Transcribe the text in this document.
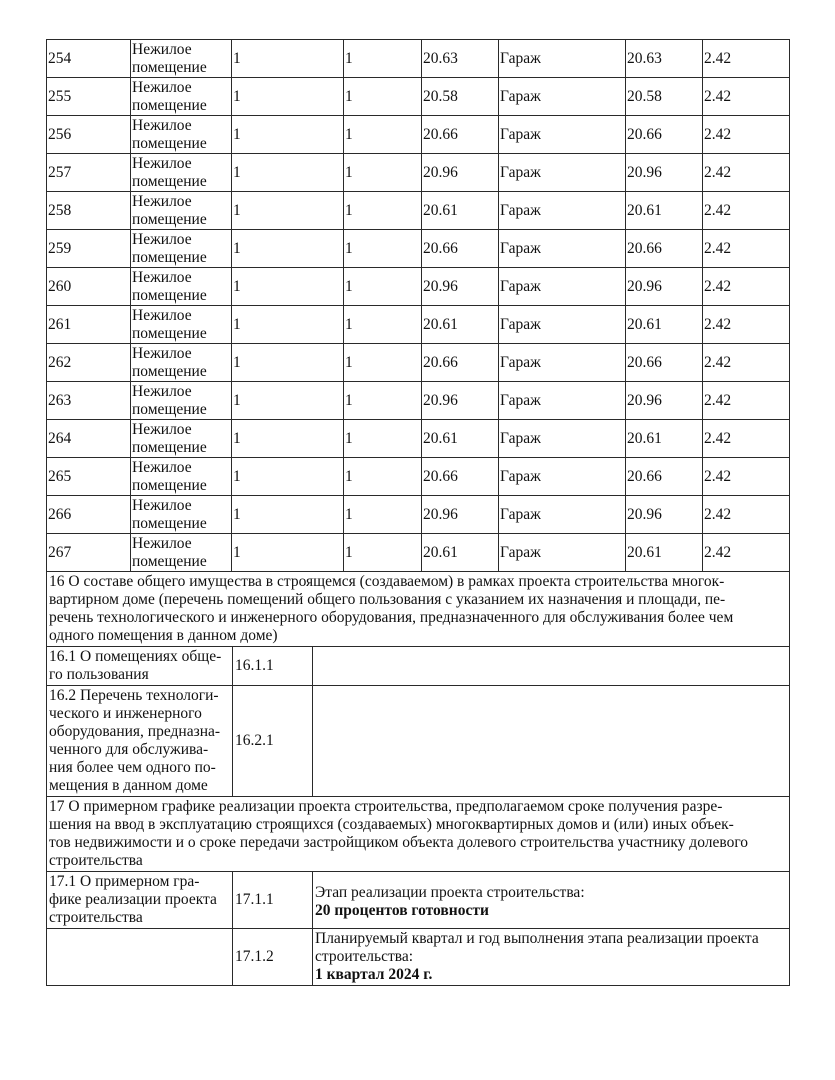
254	Нежилое
помещение	1	1	20.63	Гараж	20.63	2.42
255	Нежилое
помещение	1	1	20.58	Гараж	20.58	2.42
256	Нежилое
помещение	1	1	20.66	Гараж	20.66	2.42
257	Нежилое
помещение	1	1	20.96	Гараж	20.96	2.42
258	Нежилое
помещение	1	1	20.61	Гараж	20.61	2.42
259	Нежилое
помещение	1	1	20.66	Гараж	20.66	2.42
260	Нежилое
помещение	1	1	20.96	Гараж	20.96	2.42
261	Нежилое
помещение	1	1	20.61	Гараж	20.61	2.42
262	Нежилое
помещение	1	1	20.66	Гараж	20.66	2.42
263	Нежилое
помещение	1	1	20.96	Гараж	20.96	2.42
264	Нежилое
помещение	1	1	20.61	Гараж	20.61	2.42
265	Нежилое
помещение	1	1	20.66	Гараж	20.66	2.42
266	Нежилое
помещение	1	1	20.96	Гараж	20.96	2.42
267	Нежилое
помещение	1	1	20.61	Гараж	20.61	2.42
16 О составе общего имущества в строящемся (создаваемом) в рамках проекта строительства многок-
вартирном доме (перечень помещений общего пользования с указанием их назначения и площади, пе-
речень технологического и инженерного оборудования, предназначенного для обслуживания более чем
одного помещения в данном доме)		
16.1 О помещениях обще-
го пользования	16.1.1	
16.2 Перечень технологи-
ческого и инженерного
оборудования, предназна-
ченного для обслужива-
ния более чем одного по-
мещения в данном доме	16.2.1	
17 О примерном графике реализации проекта строительства, предполагаемом сроке получения разре-
шения на ввод в эксплуатацию строящихся (создаваемых) многоквартирных домов и (или) иных объек-
тов недвижимости и о сроке передачи застройщиком объекта долевого строительства участнику долевого
строительства		
17.1 О примерном гра-
фике реализации проекта
строительства	17.1.1	Этап реализации проекта строительства:
20 процентов готовности
	17.1.2	Планируемый квартал и год выполнения этапа реализации проекта
строительства:
1 квартал 2024 г.
